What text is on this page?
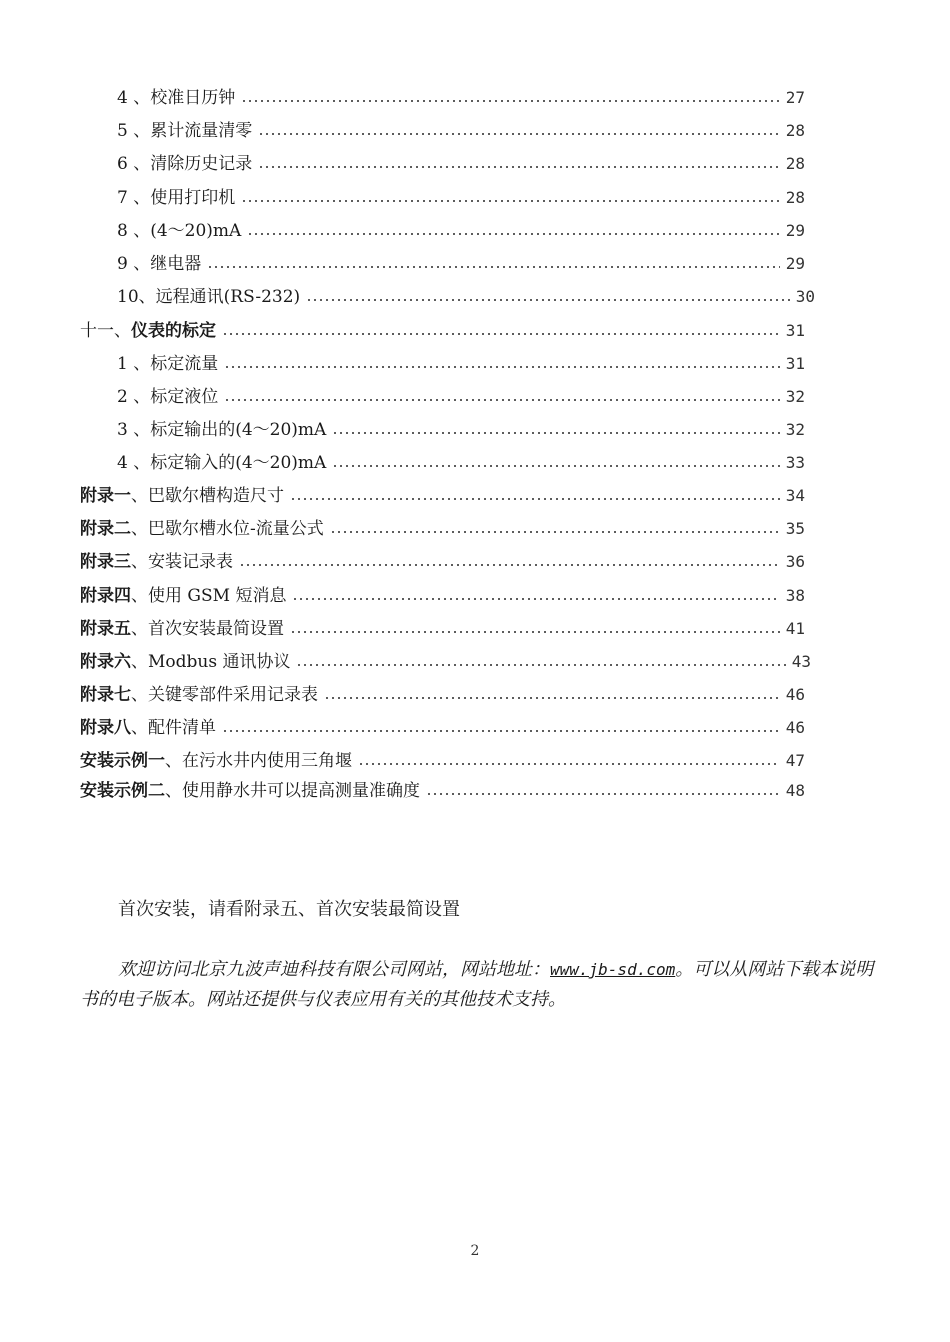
4 、校准日历钟	27
5 、累计流量清零	28
6 、清除历史记录	28
7 、使用打印机	28
8 、(4～20)mA	29
9 、继电器	29
10、远程通讯(RS-232)	30
十一、仪表的标定	31
1 、标定流量	31
2 、标定液位	32
3 、标定输出的(4～20)mA	32
4 、标定输入的(4～20)mA	33
附录一、巴歇尔槽构造尺寸	34
附录二、巴歇尔槽水位-流量公式	35
附录三、安装记录表	36
附录四、使用 GSM 短消息	38
附录五、首次安装最简设置	41
附录六、Modbus 通讯协议	43
附录七、关键零部件采用记录表	46
附录八、配件清单	46
安装示例一、在污水井内使用三角堰	47
安装示例二、使用静水井可以提高测量准确度	48
首次安装，请看附录五、首次安装最简设置
欢迎访问北京九波声迪科技有限公司网站，网站地址：www.jb-sd.com。可以从网站下载本说明书的电子版本。网站还提供与仪表应用有关的其他技术支持。
2
